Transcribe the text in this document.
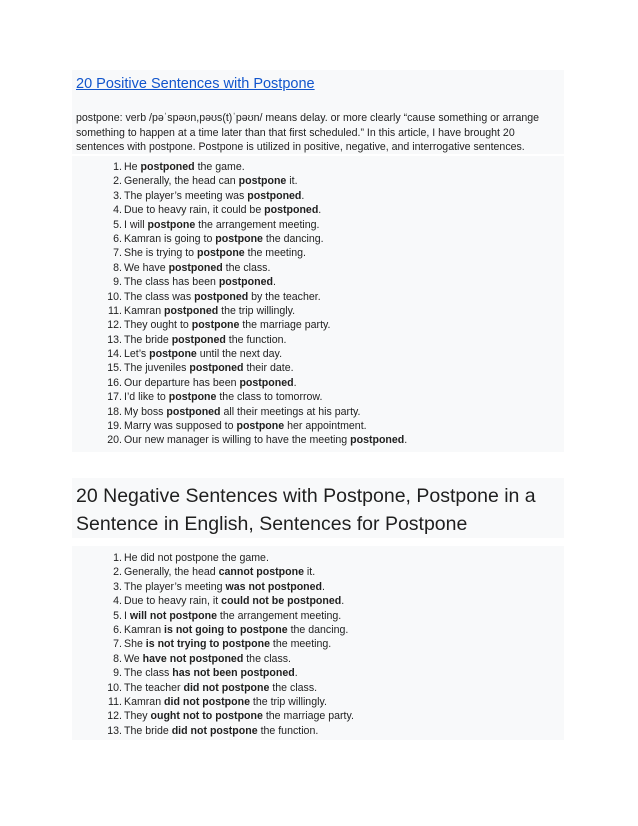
20 Positive Sentences with Postpone

postpone: verb /pəˈspəʊn,pəʊs(t)ˈpəʊn/ means delay. or more clearly “cause something or arrange something to happen at a time later than that first scheduled.” In this article, I have brought 20 sentences with postpone. Postpone is utilized in positive, negative, and interrogative sentences.

1. He postponed the game.
2. Generally, the head can postpone it.
3. The player’s meeting was postponed.
4. Due to heavy rain, it could be postponed.
5. I will postpone the arrangement meeting.
6. Kamran is going to postpone the dancing.
7. She is trying to postpone the meeting.
8. We have postponed the class.
9. The class has been postponed.
10. The class was postponed by the teacher.
11. Kamran postponed the trip willingly.
12. They ought to postpone the marriage party.
13. The bride postponed the function.
14. Let’s postpone until the next day.
15. The juveniles postponed their date.
16. Our departure has been postponed.
17. I’d like to postpone the class to tomorrow.
18. My boss postponed all their meetings at his party.
19. Marry was supposed to postpone her appointment.
20. Our new manager is willing to have the meeting postponed.
20 Negative Sentences with Postpone, Postpone in a Sentence in English, Sentences for Postpone
1. He did not postpone the game.
2. Generally, the head cannot postpone it.
3. The player’s meeting was not postponed.
4. Due to heavy rain, it could not be postponed.
5. I will not postpone the arrangement meeting.
6. Kamran is not going to postpone the dancing.
7. She is not trying to postpone the meeting.
8. We have not postponed the class.
9. The class has not been postponed.
10. The teacher did not postpone the class.
11. Kamran did not postpone the trip willingly.
12. They ought not to postpone the marriage party.
13. The bride did not postpone the function.
